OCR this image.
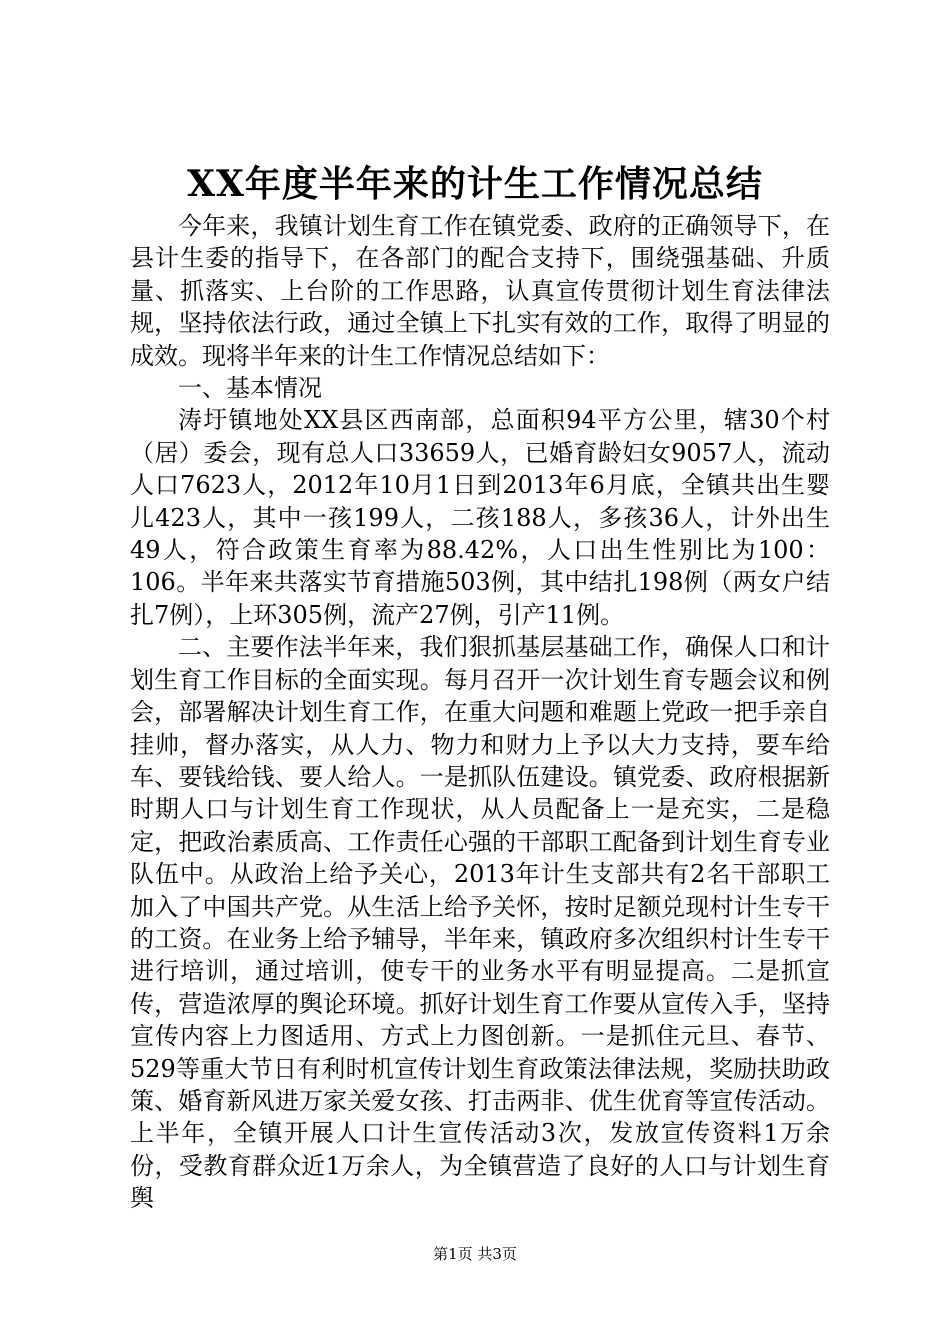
XX年度半年来的计生工作情况总结

今年来，我镇计划生育工作在镇党委、政府的正确领导下，在县计生委的指导下，在各部门的配合支持下，围绕强基础、升质量、抓落实、上台阶的工作思路，认真宣传贯彻计划生育法律法规，坚持依法行政，通过全镇上下扎实有效的工作，取得了明显的成效。现将半年来的计生工作情况总结如下：

一、基本情况

涛圩镇地处XX县区西南部，总面积94平方公里，辖30个村（居）委会，现有总人口33659人，已婚育龄妇女9057人，流动人口7623人，2012年10月1日到2013年6月底，全镇共出生婴儿423人，其中一孩199人，二孩188人，多孩36人，计外出生49人，符合政策生育率为88.42%，人口出生性别比为100：106。半年来共落实节育措施503例，其中结扎198例（两女户结扎7例），上环305例，流产27例，引产11例。

二、主要作法半年来，我们狠抓基层基础工作，确保人口和计划生育工作目标的全面实现。每月召开一次计划生育专题会议和例会，部署解决计划生育工作，在重大问题和难题上党政一把手亲自挂帅，督办落实，从人力、物力和财力上予以大力支持，要车给车、要钱给钱、要人给人。一是抓队伍建设。镇党委、政府根据新时期人口与计划生育工作现状，从人员配备上一是充实，二是稳定，把政治素质高、工作责任心强的干部职工配备到计划生育专业队伍中。从政治上给予关心，2013年计生支部共有2名干部职工加入了中国共产党。从生活上给予关怀，按时足额兑现村计生专干的工资。在业务上给予辅导，半年来，镇政府多次组织村计生专干进行培训，通过培训，使专干的业务水平有明显提高。二是抓宣传，营造浓厚的舆论环境。抓好计划生育工作要从宣传入手，坚持宣传内容上力图适用、方式上力图创新。一是抓住元旦、春节、529等重大节日有利时机宣传计划生育政策法律法规，奖励扶助政策、婚育新风进万家关爱女孩、打击两非、优生优育等宣传活动。上半年，全镇开展人口计生宣传活动3次，发放宣传资料1万余份，受教育群众近1万余人，为全镇营造了良好的人口与计划生育舆

第1页 共3页
